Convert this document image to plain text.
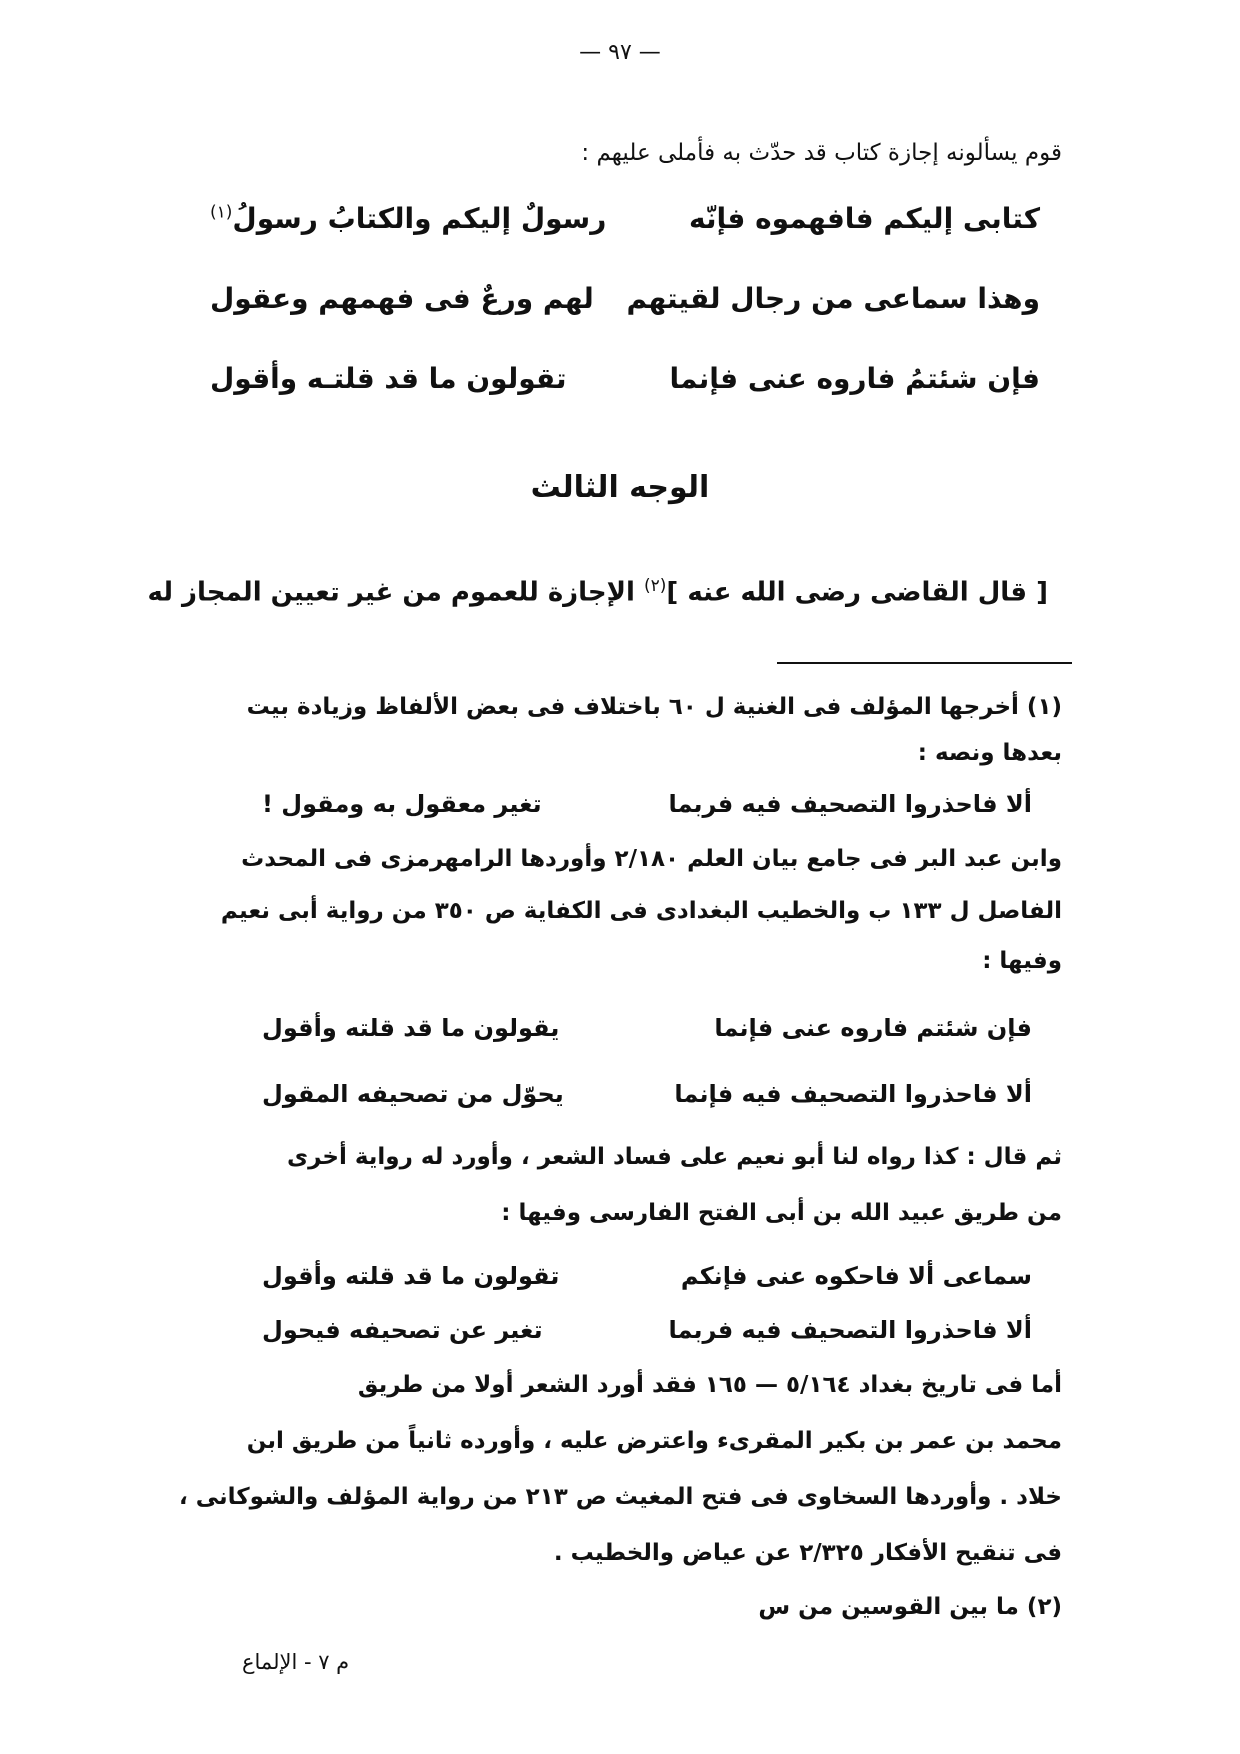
— ٩٧ —
قوم يسألونه إجازة كتاب قد حدّث به فأملى عليهم :
كتابى إليكم فافهموه فإنّه
رسولٌ إليكم والكتابُ رسولُ$^{(١)}$
وهذا سماعى من رجال لقيتهم
لهم ورعٌ فى فهمهم وعقول
فإن شئتمُ فاروه عنى فإنما
تقولون ما قد قلتـه وأقول
الوجه الثالث
[ قال القاضى رضى الله عنه ]$^{(٢)}$ الإجازة للعموم من غير تعيين المجاز له
(١) أخرجها المؤلف فى الغنية ل ٦٠ باختلاف فى بعض الألفاظ وزيادة بيت
بعدها ونصه :
ألا فاحذروا التصحيف فيه فربما
تغير معقول به ومقول !
وابن عبد البر فى جامع بيان العلم ٢/١٨٠ وأوردها الرامهرمزى فى المحدث
الفاصل ل ١٣٣ ب والخطيب البغدادى فى الكفاية ص ٣٥٠ من رواية أبى نعيم
وفيها :
فإن شئتم فاروه عنى فإنما
يقولون ما قد قلته وأقول
ألا فاحذروا التصحيف فيه فإنما
يحوّل من تصحيفه المقول
ثم قال : كذا رواه لنا أبو نعيم على فساد الشعر ، وأورد له رواية أخرى
من طريق عبيد الله بن أبى الفتح الفارسى وفيها :
سماعى ألا فاحكوه عنى فإنكم
تقولون ما قد قلته وأقول
ألا فاحذروا التصحيف فيه فربما
تغير عن تصحيفه فيحول
أما فى تاريخ بغداد ٥/١٦٤ — ١٦٥ فقد أورد الشعر أولا من طريق
محمد بن عمر بن بكير المقرىء واعترض عليه ، وأورده ثانياً من طريق ابن
خلاد . وأوردها السخاوى فى فتح المغيث ص ٢١٣ من رواية المؤلف والشوكانى ،
فى تنقيح الأفكار ٢/٣٢٥ عن عياض والخطيب .
(٢) ما بين القوسين من س
م ٧ - الإلماع
